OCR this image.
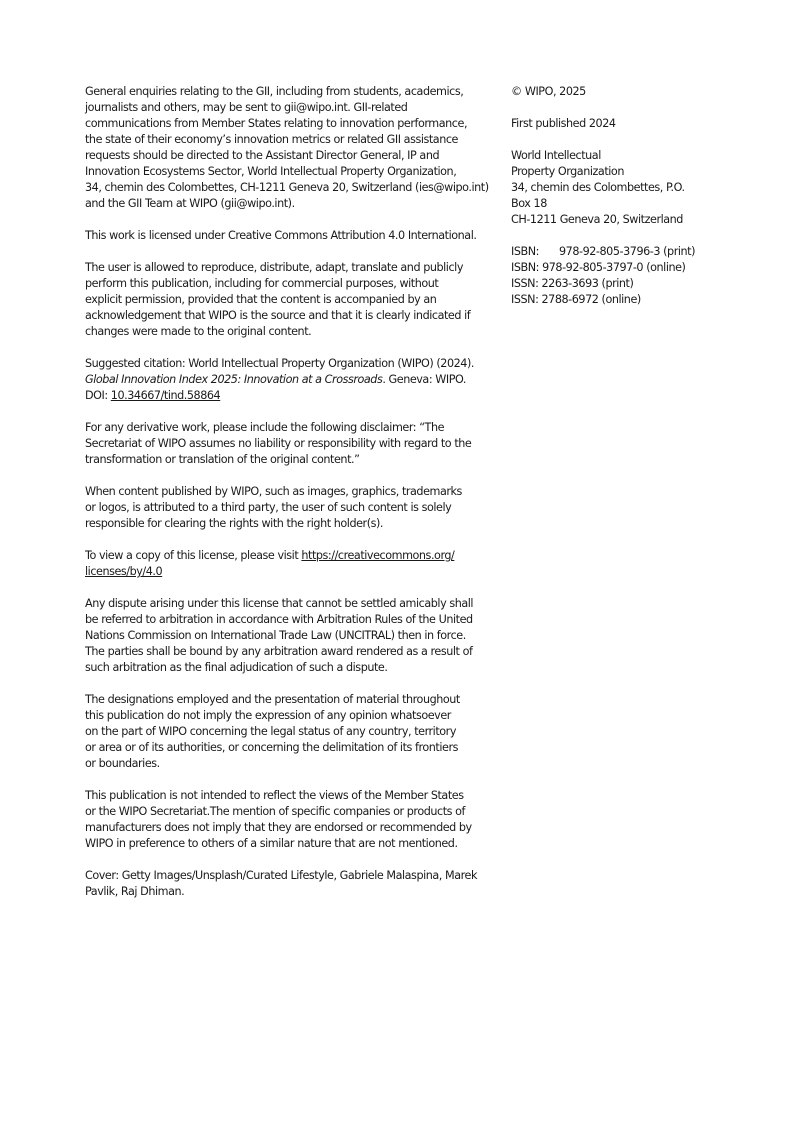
General enquiries relating to the GII, including from students, academics,
journalists and others, may be sent to gii@wipo.int. GII-related
communications from Member States relating to innovation performance,
the state of their economy’s innovation metrics or related GII assistance
requests should be directed to the Assistant Director General, IP and
Innovation Ecosystems Sector, World Intellectual Property Organization,
34, chemin des Colombettes, CH-1211 Geneva 20, Switzerland (ies@wipo.int)
and the GII Team at WIPO (gii@wipo.int).

This work is licensed under Creative Commons Attribution 4.0 International.

The user is allowed to reproduce, distribute, adapt, translate and publicly
perform this publication, including for commercial purposes, without
explicit permission, provided that the content is accompanied by an
acknowledgement that WIPO is the source and that it is clearly indicated if
changes were made to the original content.

Suggested citation: World Intellectual Property Organization (WIPO) (2024).
Global Innovation Index 2025: Innovation at a Crossroads. Geneva: WIPO.
DOI: 10.34667/tind.58864

For any derivative work, please include the following disclaimer: “The
Secretariat of WIPO assumes no liability or responsibility with regard to the
transformation or translation of the original content.”

When content published by WIPO, such as images, graphics, trademarks
or logos, is attributed to a third party, the user of such content is solely
responsible for clearing the rights with the right holder(s).

To view a copy of this license, please visit https://creativecommons.org/
licenses/by/4.0

Any dispute arising under this license that cannot be settled amicably shall
be referred to arbitration in accordance with Arbitration Rules of the United
Nations Commission on International Trade Law (UNCITRAL) then in force.
The parties shall be bound by any arbitration award rendered as a result of
such arbitration as the final adjudication of such a dispute.

The designations employed and the presentation of material throughout
this publication do not imply the expression of any opinion whatsoever
on the part of WIPO concerning the legal status of any country, territory
or area or of its authorities, or concerning the delimitation of its frontiers
or boundaries.

This publication is not intended to reflect the views of the Member States
or the WIPO Secretariat.The mention of specific companies or products of
manufacturers does not imply that they are endorsed or recommended by
WIPO in preference to others of a similar nature that are not mentioned.

Cover: Getty Images/Unsplash/Curated Lifestyle, Gabriele Malaspina, Marek
Pavlik, Raj Dhiman.

© WIPO, 2025

First published 2024

World Intellectual
Property Organization
34, chemin des Colombettes, P.O.
Box 18
CH-1211 Geneva 20, Switzerland

ISBN: 978-92-805-3796-3 (print)
ISBN: 978-92-805-3797-0 (online)
ISSN: 2263-3693 (print)
ISSN: 2788-6972 (online)
